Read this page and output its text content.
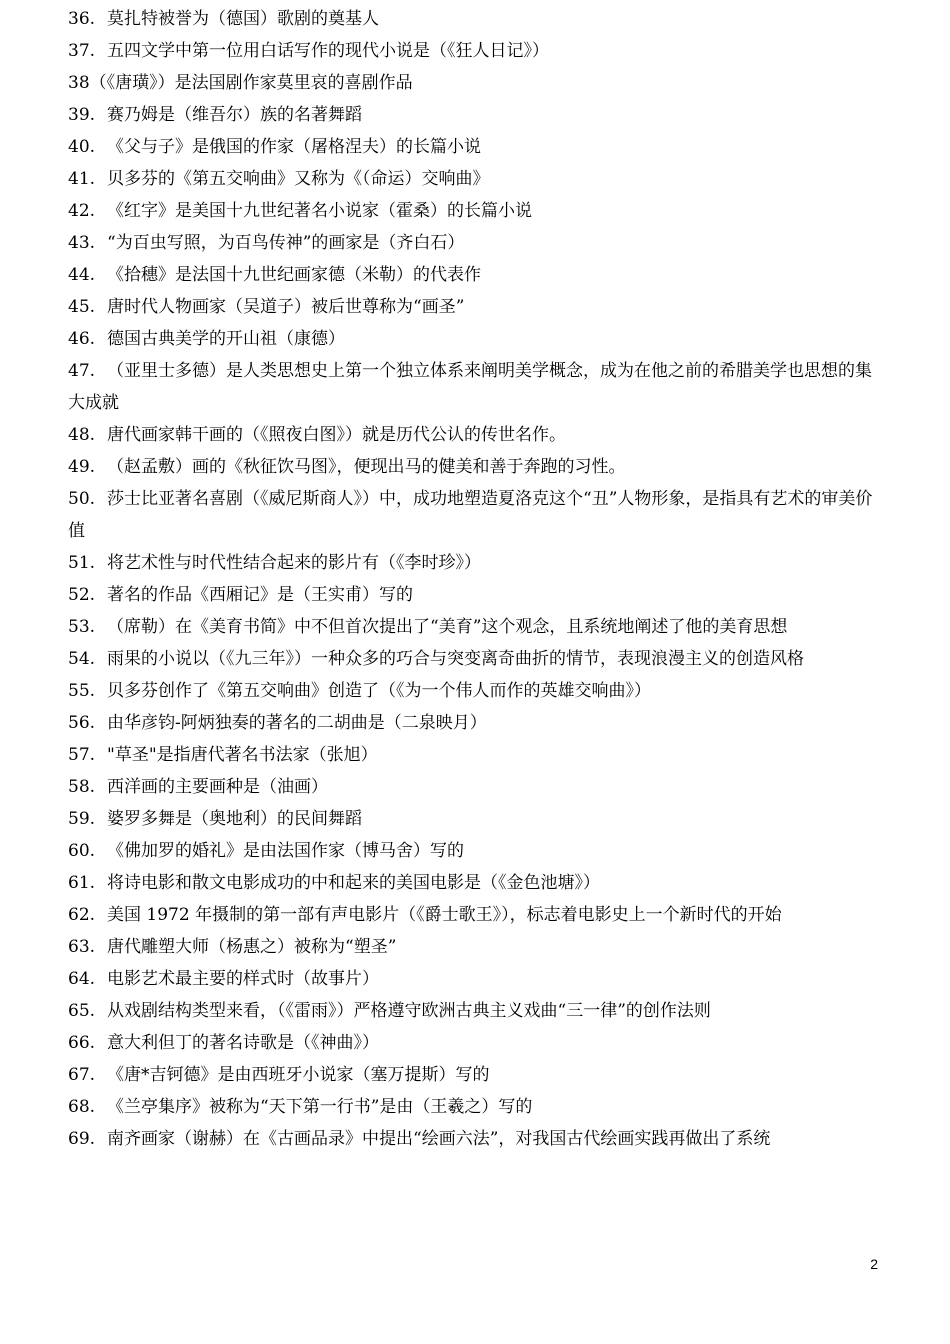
36. 莫扎特被誉为（德国）歌剧的奠基人
37. 五四文学中第一位用白话写作的现代小说是（《狂人日记》）
38（《唐璜》）是法国剧作家莫里哀的喜剧作品
39. 赛乃姆是（维吾尔）族的名著舞蹈
40. 《父与子》是俄国的作家（屠格涅夫）的长篇小说
41. 贝多芬的《第五交响曲》又称为《（命运）交响曲》
42. 《红字》是美国十九世纪著名小说家（霍桑）的长篇小说
43. “为百虫写照，为百鸟传神”的画家是（齐白石）
44. 《拾穗》是法国十九世纪画家德（米勒）的代表作
45. 唐时代人物画家（吴道子）被后世尊称为“画圣”
46. 德国古典美学的开山祖（康德）
47. （亚里士多德）是人类思想史上第一个独立体系来阐明美学概念，成为在他之前的希腊美学也思想的集大成就
48. 唐代画家韩干画的（《照夜白图》）就是历代公认的传世名作。
49. （赵孟敷）画的《秋征饮马图》，便现出马的健美和善于奔跑的习性。
50. 莎士比亚著名喜剧（《威尼斯商人》）中，成功地塑造夏洛克这个“丑”人物形象，是指具有艺术的审美价值
51. 将艺术性与时代性结合起来的影片有（《李时珍》）
52. 著名的作品《西厢记》是（王实甫）写的
53. （席勒）在《美育书简》中不但首次提出了“美育”这个观念，且系统地阐述了他的美育思想
54. 雨果的小说以（《九三年》）一种众多的巧合与突变离奇曲折的情节，表现浪漫主义的创造风格
55. 贝多芬创作了《第五交响曲》创造了（《为一个伟人而作的英雄交响曲》）
56. 由华彦钧-阿炳独奏的著名的二胡曲是（二泉映月）
57. "草圣"是指唐代著名书法家（张旭）
58. 西洋画的主要画种是（油画）
59. 婆罗多舞是（奥地利）的民间舞蹈
60. 《佛加罗的婚礼》是由法国作家（博马舍）写的
61. 将诗电影和散文电影成功的中和起来的美国电影是（《金色池塘》）
62. 美国 1972 年摄制的第一部有声电影片（《爵士歌王》），标志着电影史上一个新时代的开始
63. 唐代雕塑大师（杨惠之）被称为“塑圣”
64. 电影艺术最主要的样式时（故事片）
65. 从戏剧结构类型来看，（《雷雨》）严格遵守欧洲古典主义戏曲“三一律”的创作法则
66. 意大利但丁的著名诗歌是（《神曲》）
67. 《唐*吉钶德》是由西班牙小说家（塞万提斯）写的
68. 《兰亭集序》被称为“天下第一行书”是由（王羲之）写的
69. 南齐画家（谢赫）在《古画品录》中提出“绘画六法”，对我国古代绘画实践再做出了系统
2
